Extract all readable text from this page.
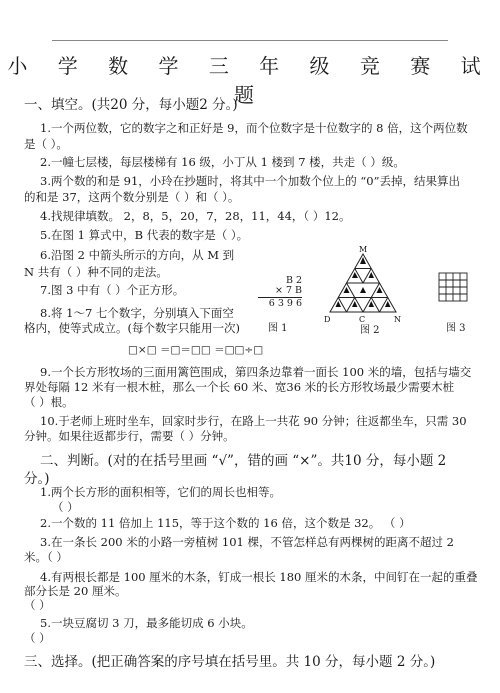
小 学 数 学 三 年 级 竞 赛 试 题
一、填空。(共20 分，每小题2 分。)
1.一个两位数，它的数字之和正好是 9，而个位数字是十位数字的 8 倍，这个两位数
是（ ）。
2.一幢七层楼，每层楼梯有 16 级，小丁从 1 楼到 7 楼，共走（ ）级。
3.两个数的和是 91，小玲在抄题时，将其中一个加数个位上的 “0”丢掉，结果算出
的和是 37，这两个数分别是（ ）和（ ）。
4.找规律填数。 2，8，5，20，7，28，11，44，（ ）12。
5.在图 1 算式中，B 代表的数字是（ ）。
6.沿图 2 中箭头所示的方向，从 M 到
N 共有（ ）种不同的走法。
7.图 3 中有（ ）个正方形。
8.将 1～7 七个数字，分别填入下面空
格内，使等式成立。(每个数字只能用一次)
□×□ ＝□＝□□ ＝□□÷□
B 2
× 7 B
6 3 9 6
图 1
M
D	C	N
图 2	图 3
9.一个长方形牧场的三面用篱笆围成，第四条边靠着一面长 100 米的墙，包括与墙交
界处每隔 12 米有一根木桩，那么一个长 60 米、宽36 米的长方形牧场最少需要木桩
（ ）根。
10.于老师上班时坐车，回家时步行，在路上一共花 90 分钟；往返都坐车，只需 30
分钟。如果往返都步行，需要（ ）分钟。
二、判断。(对的在括号里画 “√”，错的画 “×”。共10 分，每小题 2
分。)
1.两个长方形的面积相等，它们的周长也相等。
（ ）
2.一个数的 11 倍加上 115，等于这个数的 16 倍，这个数是 32。 （ ）
3.在一条长 200 米的小路一旁植树 101 棵，不管怎样总有两棵树的距离不超过 2
米。（ ）
4.有两根长都是 100 厘米的木条，钉成一根长 180 厘米的木条，中间钉在一起的重叠
部分长是 20 厘米。
（ ）
5.一块豆腐切 3 刀，最多能切成 6 小块。
（ ）
三、选择。(把正确答案的序号填在括号里。共 10 分，每小题 2 分。)
